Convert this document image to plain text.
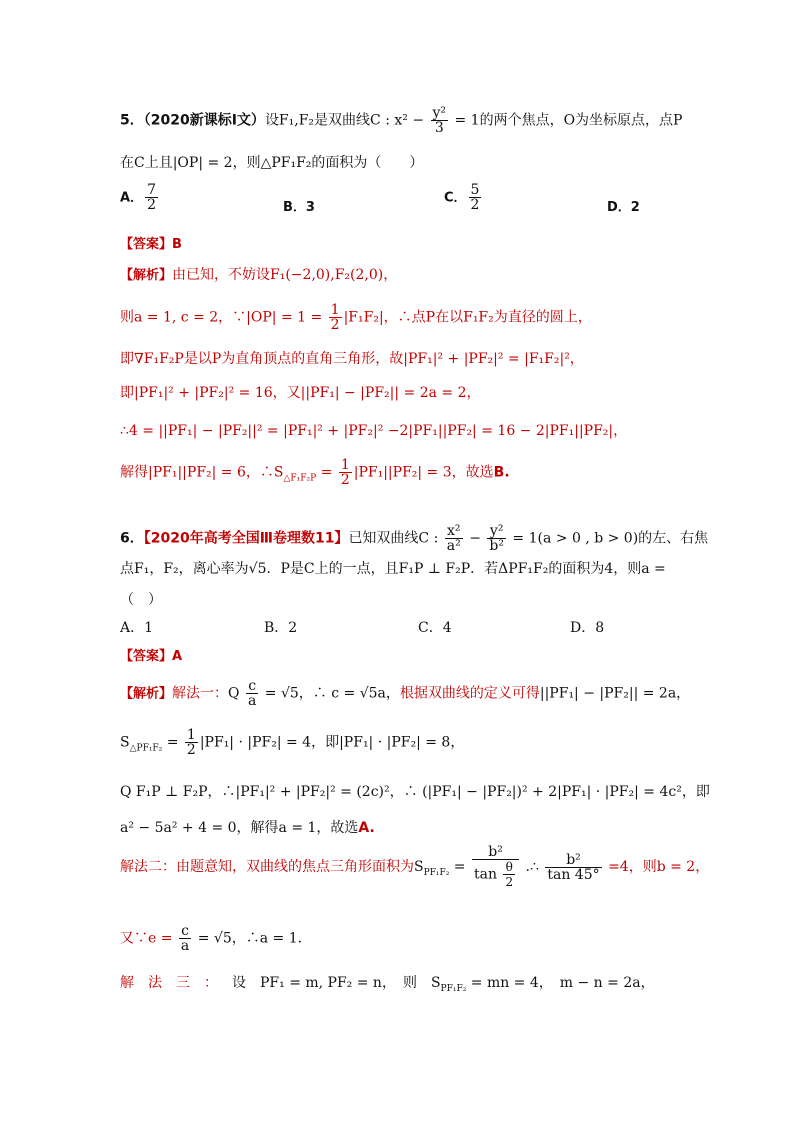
5．（2020新课标Ⅰ文）设F₁,F₂是双曲线C : $x^2 - \frac{\text{y²}}{3} = 1$的两个焦点，O为坐标原点，点P
在C上且|OP| = 2，则△PF₁F₂的面积为（　　）
A． $\frac{7}{2}$	B．3
C． $\frac{5}{2}$	D．2
【答案】B
【解析】由已知，不妨设F₁(−2,0),F₂(2,0)，
则a = 1, c = 2，∵|OP| = $1 = \frac{1}{2} |F_1F_2|$，∴点P在以F₁F₂为直径的圆上，
即∇F₁F₂P是以P为直角顶点的直角三角形，故|PF₁|² + |PF₂|² = |F₁F₂|²，
即|PF₁|² + |PF₂|² = 16，又||PF₁| − |PF₂|| = 2a = 2，
∴4 = ||PF₁| − |PF₂||² = |PF₁|² + |PF₂|² −2|PF₁||PF₂| = 16 − 2|PF₁||PF₂|，
解得|PF₁||PF₂| = 6，$\therefore S_{\triangle F_1F_2P} = \frac{1}{2} |PF_1||PF_2| = 3$，故选B.
6．【2020年高考全国Ⅲ卷理数11】已知双曲线C : $\frac{\text{x²}}{\text{a²}} - \frac{\text{y²}}{\text{b²}} = 1(a > 0$ , b > 0)的左、右焦
点F₁，F₂，离心率为√5．P是C上的一点，且F₁P ⊥ F₂P．若ΔPF₁F₂的面积为4，则a =
（　）
A．1	B．2	C．4	D．8
【答案】A
【解析】解法一：Q $\frac{c}{a} = √5$，∴ c = √5a，根据双曲线的定义可得||PF₁| − |PF₂|| = 2a，
$S_{\triangle PF_1F_2} = \frac{1}{2} |PF_1| \cdot |PF_2| = 4$，即|PF₁| · |PF₂| = 8，
Q F₁P ⊥ F₂P，∴|PF₁|² + |PF₂|² = (2c)²，∴ (|PF₁| − |PF₂|)² + 2|PF₁| · |PF₂| = 4c²，即
a² − 5a² + 4 = 0，解得a = 1，故选A.
解法二：由题意知，双曲线的焦点三角形面积为$S_{PF_1F_2} = \frac{\text{b²}}{\tan \frac{\theta}{2}}$ .∴ $\frac{\text{b²}}{\tan 45^\circ} =4$，则b = 2，
又∵e = $\frac{c}{a} = √5$，∴a = 1．
解法三：设　PF₁ = m, PF₂ = n，　则　$S_{PF_1F_2}$ = mn = 4，　m − n = 2a，
